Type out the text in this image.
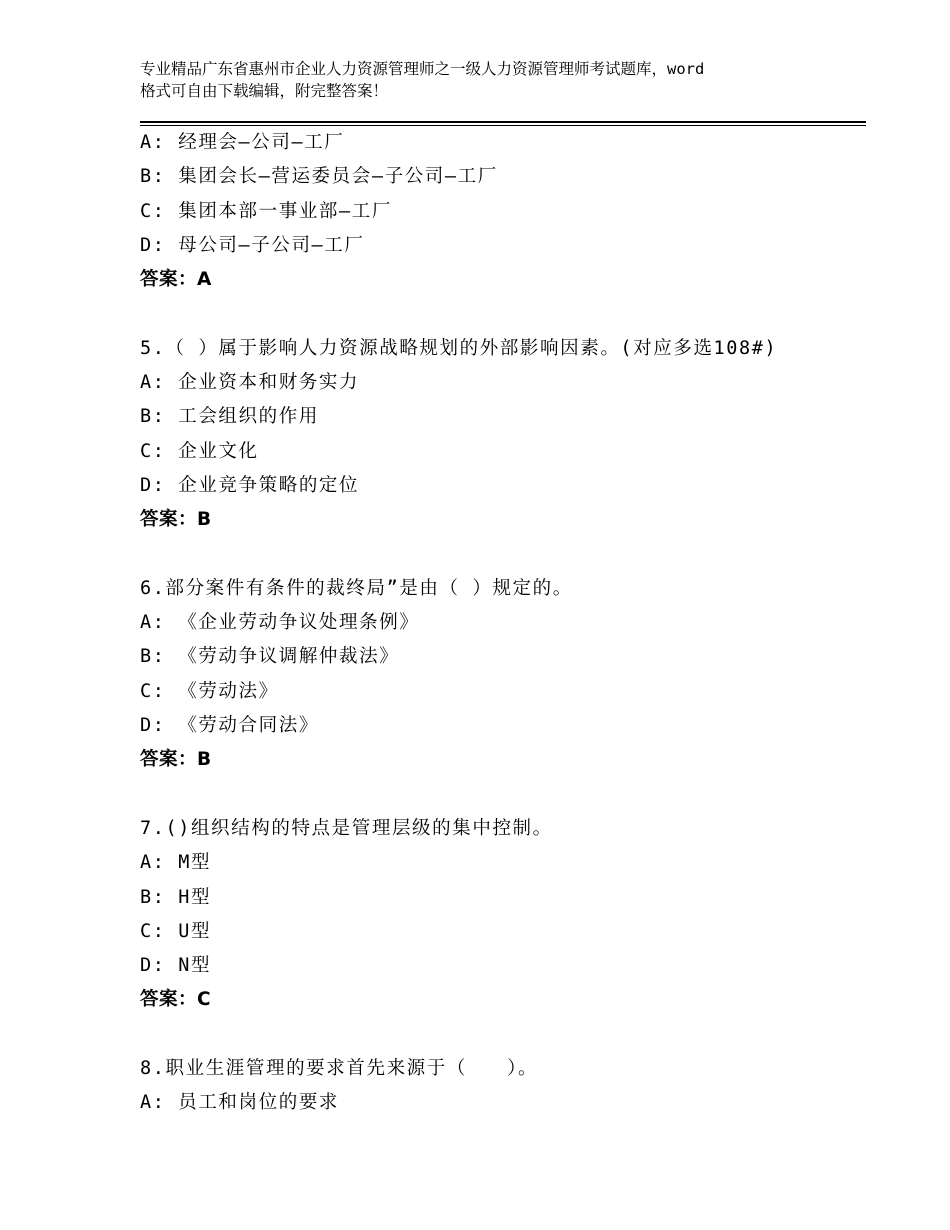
专业精品广东省惠州市企业人力资源管理师之一级人力资源管理师考试题库，word
格式可自由下载编辑，附完整答案！
A: 经理会—公司—工厂
B: 集团会长—营运委员会—子公司—工厂
C: 集团本部一事业部—工厂
D: 母公司—子公司—工厂
答案：A
5.（ ）属于影响人力资源战略规划的外部影响因素。(对应多选108#)
A: 企业资本和财务实力
B: 工会组织的作用
C: 企业文化
D: 企业竞争策略的定位
答案：B
6.部分案件有条件的裁终局”是由（ ）规定的。
A: 《企业劳动争议处理条例》
B: 《劳动争议调解仲裁法》
C: 《劳动法》
D: 《劳动合同法》
答案：B
7.()组织结构的特点是管理层级的集中控制。
A: M型
B: H型
C: U型
D: N型
答案：C
8.职业生涯管理的要求首先来源于（　　）。
A: 员工和岗位的要求
